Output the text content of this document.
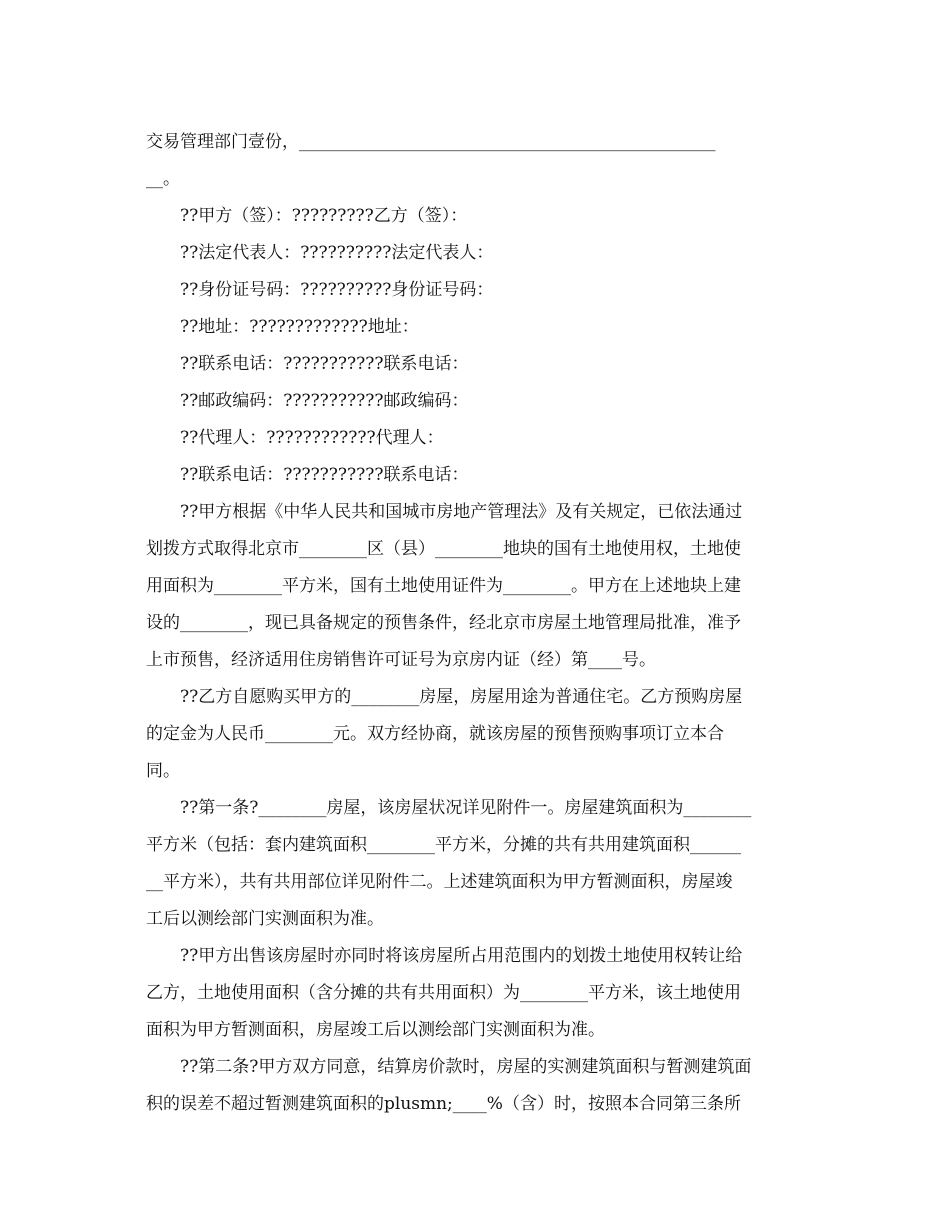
交易管理部门壹份，_________________________________________________
__。

??甲方（签）：?????????乙方（签）：

??法定代表人：??????????法定代表人：

??身份证号码：??????????身份证号码：

??地址：?????????????地址：

??联系电话：???????????联系电话：

??邮政编码：???????????邮政编码：

??代理人：????????????代理人：

??联系电话：???????????联系电话：

??甲方根据《中华人民共和国城市房地产管理法》及有关规定，已依法通过
划拨方式取得北京市________区（县）________地块的国有土地使用权，土地使
用面积为________平方米，国有土地使用证件为________。甲方在上述地块上建
设的________，现已具备规定的预售条件，经北京市房屋土地管理局批准，准予
上市预售，经济适用住房销售许可证号为京房内证（经）第____号。

??乙方自愿购买甲方的________房屋，房屋用途为普通住宅。乙方预购房屋
的定金为人民币________元。双方经协商，就该房屋的预售预购事项订立本合
同。

??第一条?________房屋，该房屋状况详见附件一。房屋建筑面积为________
平方米（包括：套内建筑面积________平方米，分摊的共有共用建筑面积______
__平方米），共有共用部位详见附件二。上述建筑面积为甲方暂测面积，房屋竣
工后以测绘部门实测面积为准。

??甲方出售该房屋时亦同时将该房屋所占用范围内的划拨土地使用权转让给
乙方，土地使用面积（含分摊的共有共用面积）为________平方米，该土地使用
面积为甲方暂测面积，房屋竣工后以测绘部门实测面积为准。

??第二条?甲方双方同意，结算房价款时，房屋的实测建筑面积与暂测建筑面
积的误差不超过暂测建筑面积的plusmn;____%（含）时，按照本合同第三条所
